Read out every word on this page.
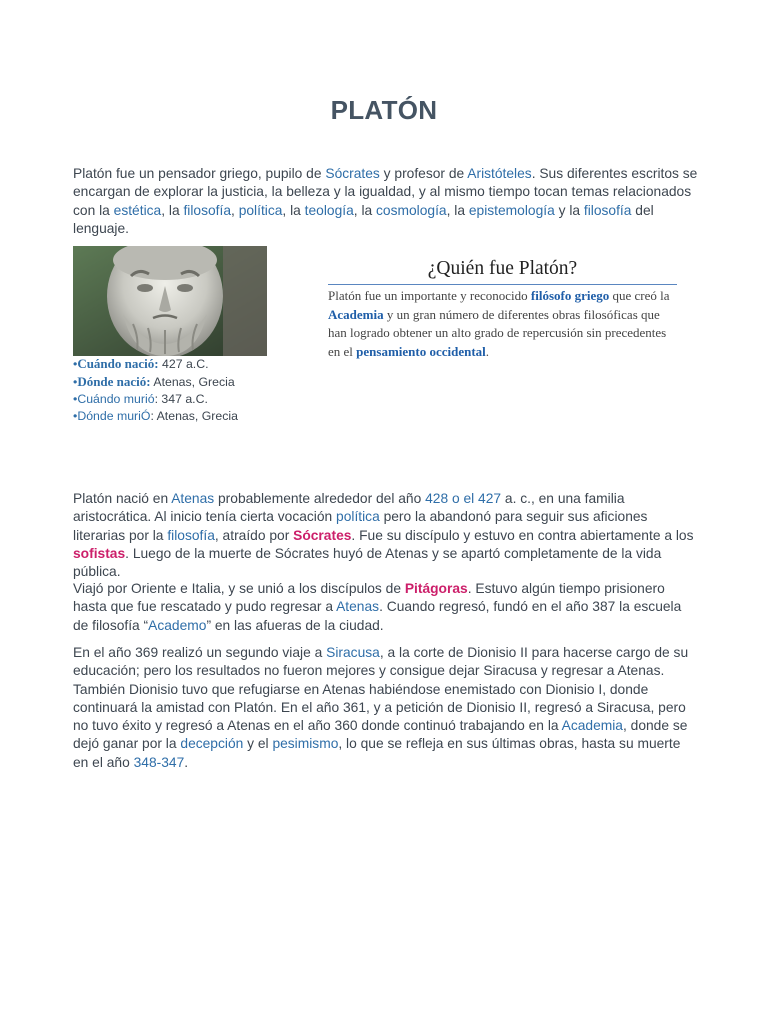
PLATÓN
Platón fue un pensador griego, pupilo de Sócrates y profesor de Aristóteles. Sus diferentes escritos se encargan de explorar la justicia, la belleza y la igualdad, y al mismo tiempo tocan temas relacionados con la estética, la filosofía, política, la teología, la cosmología, la epistemología y la filosofía del lenguaje.
•Cuándo nació: 427 a.C.
•Dónde nació: Atenas, Grecia
•Cuándo murió: 347 a.C.
•Dónde muriÓ: Atenas, Grecia
¿Quién fue Platón?

Platón fue un importante y reconocido filósofo griego que creó la Academia y un gran número de diferentes obras filosóficas que han logrado obtener un alto grado de repercusión sin precedentes en el pensamiento occidental.

Platón nació en Atenas probablemente alrededor del año 428 o el 427 a. c., en una familia aristocrática. Al inicio tenía cierta vocación política pero la abandonó para seguir sus aficiones literarias por la filosofía, atraído por Sócrates. Fue su discípulo y estuvo en contra abiertamente a los sofistas. Luego de la muerte de Sócrates huyó de Atenas y se apartó completamente de la vida pública.
Viajó por Oriente e Italia, y se unió a los discípulos de Pitágoras. Estuvo algún tiempo prisionero hasta que fue rescatado y pudo regresar a Atenas. Cuando regresó, fundó en el año 387 la escuela de filosofía “Academo” en las afueras de la ciudad.
En el año 369 realizó un segundo viaje a Siracusa, a la corte de Dionisio II para hacerse cargo de su educación; pero los resultados no fueron mejores y consigue dejar Siracusa y regresar a Atenas. También Dionisio tuvo que refugiarse en Atenas habiéndose enemistado con Dionisio I, donde continuará la amistad con Platón. En el año 361, y a petición de Dionisio II, regresó a Siracusa, pero no tuvo éxito y regresó a Atenas en el año 360 donde continuó trabajando en la Academia, donde se dejó ganar por la decepción y el pesimismo, lo que se refleja en sus últimas obras, hasta su muerte en el año 348-347.
